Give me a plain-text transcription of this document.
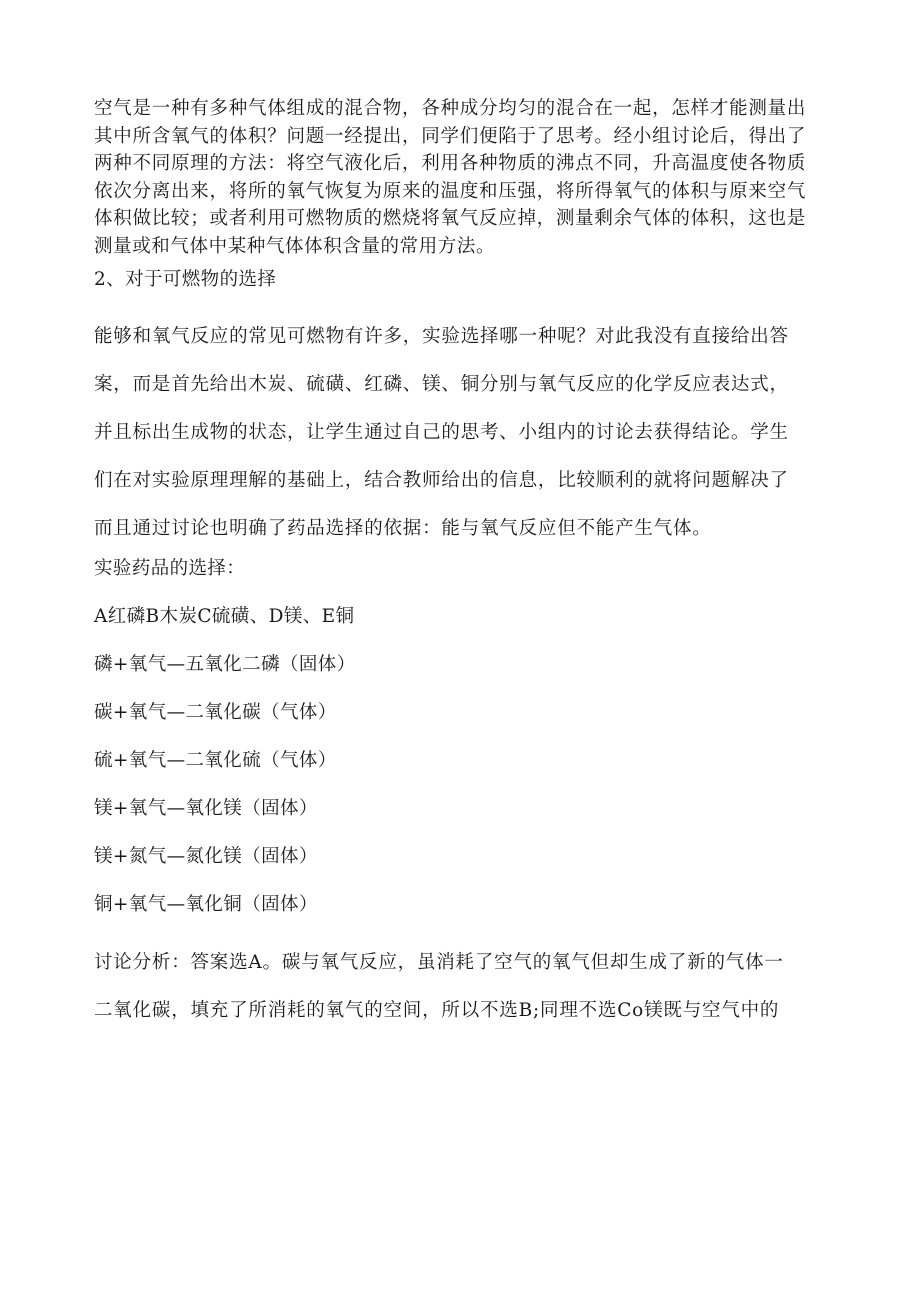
空气是一种有多种气体组成的混合物，各种成分均匀的混合在一起，怎样才能测量出其中所含氧气的体积？问题一经提出，同学们便陷于了思考。经小组讨论后，得出了两种不同原理的方法：将空气液化后，利用各种物质的沸点不同，升高温度使各物质依次分离出来，将所的氧气恢复为原来的温度和压强，将所得氧气的体积与原来空气体积做比较；或者利用可燃物质的燃烧将氧气反应掉，测量剩余气体的体积，这也是测量或和气体中某种气体体积含量的常用方法。

2、对于可燃物的选择

能够和氧气反应的常见可燃物有许多，实验选择哪一种呢？对此我没有直接给出答
案，而是首先给出木炭、硫磺、红磷、镁、铜分别与氧气反应的化学反应表达式，
并且标出生成物的状态，让学生通过自己的思考、小组内的讨论去获得结论。学生
们在对实验原理理解的基础上，结合教师给出的信息，比较顺利的就将问题解决了
而且通过讨论也明确了药品选择的依据：能与氧气反应但不能产生气体。

实验药品的选择：

A红磷B木炭C硫磺、D镁、E铜

磷+氧气—五氧化二磷（固体）

碳+氧气—二氧化碳（气体）

硫+氧气—二氧化硫（气体）

镁+氧气—氧化镁（固体）

镁+氮气—氮化镁（固体）

铜+氧气—氧化铜（固体）

讨论分析：答案选A。碳与氧气反应，虽消耗了空气的氧气但却生成了新的气体一
二氧化碳，填充了所消耗的氧气的空间，所以不选B;同理不选Co镁既与空气中的
